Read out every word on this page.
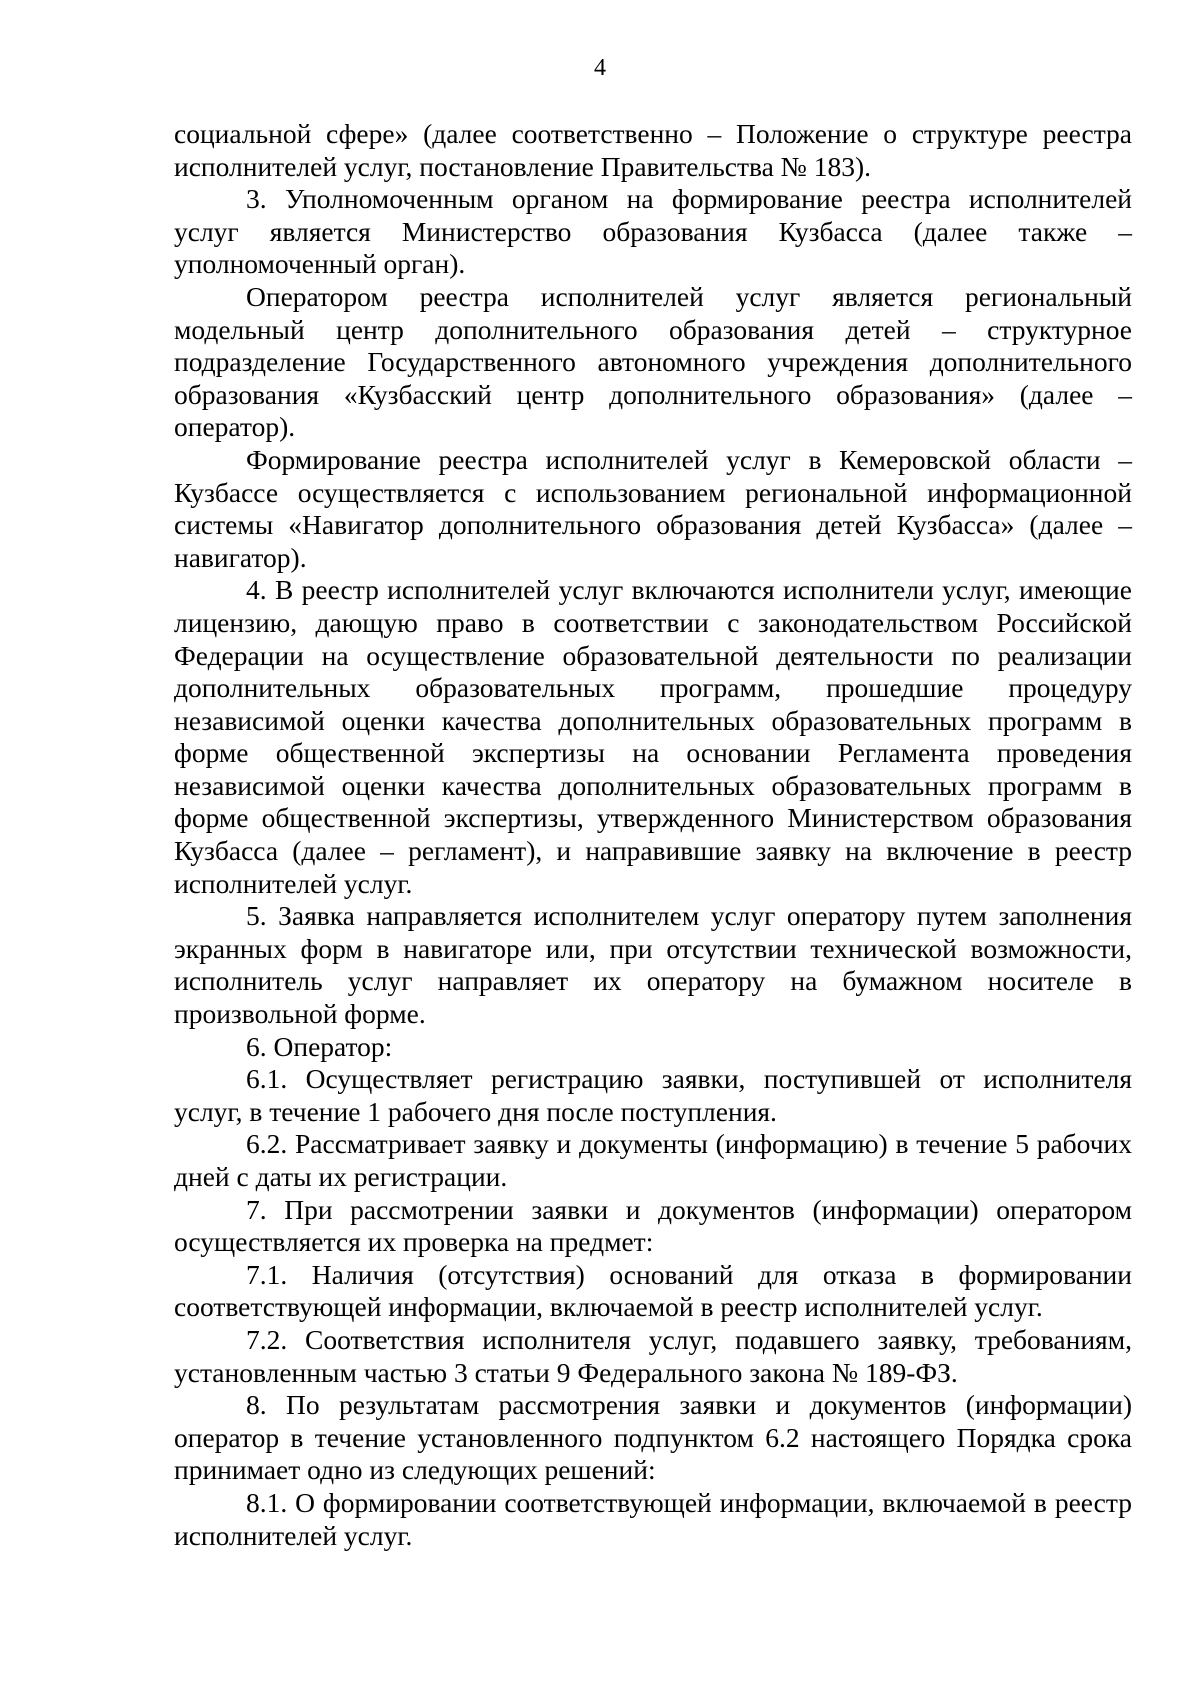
4

социальной сфере» (далее соответственно – Положение о структуре реестра исполнителей услуг, постановление Правительства № 183).

3. Уполномоченным органом на формирование реестра исполнителей услуг является Министерство образования Кузбасса (далее также – уполномоченный орган).

Оператором реестра исполнителей услуг является региональный модельный центр дополнительного образования детей – структурное подразделение Государственного автономного учреждения дополнительного образования «Кузбасский центр дополнительного образования» (далее – оператор).

Формирование реестра исполнителей услуг в Кемеровской области – Кузбассе осуществляется с использованием региональной информационной системы «Навигатор дополнительного образования детей Кузбасса» (далее – навигатор).

4. В реестр исполнителей услуг включаются исполнители услуг, имеющие лицензию, дающую право в соответствии с законодательством Российской Федерации на осуществление образовательной деятельности по реализации дополнительных образовательных программ, прошедшие процедуру независимой оценки качества дополнительных образовательных программ в форме общественной экспертизы на основании Регламента проведения независимой оценки качества дополнительных образовательных программ в форме общественной экспертизы, утвержденного Министерством образования Кузбасса (далее – регламент), и направившие заявку на включение в реестр исполнителей услуг.

5. Заявка направляется исполнителем услуг оператору путем заполнения экранных форм в навигаторе или, при отсутствии технической возможности, исполнитель услуг направляет их оператору на бумажном носителе в произвольной форме.

6. Оператор:

6.1. Осуществляет регистрацию заявки, поступившей от исполнителя услуг, в течение 1 рабочего дня после поступления.

6.2. Рассматривает заявку и документы (информацию) в течение 5 рабочих дней с даты их регистрации.

7. При рассмотрении заявки и документов (информации) оператором осуществляется их проверка на предмет:

7.1. Наличия (отсутствия) оснований для отказа в формировании соответствующей информации, включаемой в реестр исполнителей услуг.

7.2. Соответствия исполнителя услуг, подавшего заявку, требованиям, установленным частью 3 статьи 9 Федерального закона № 189-ФЗ.

8. По результатам рассмотрения заявки и документов (информации) оператор в течение установленного подпунктом 6.2 настоящего Порядка срока принимает одно из следующих решений:

8.1. О формировании соответствующей информации, включаемой в реестр исполнителей услуг.
